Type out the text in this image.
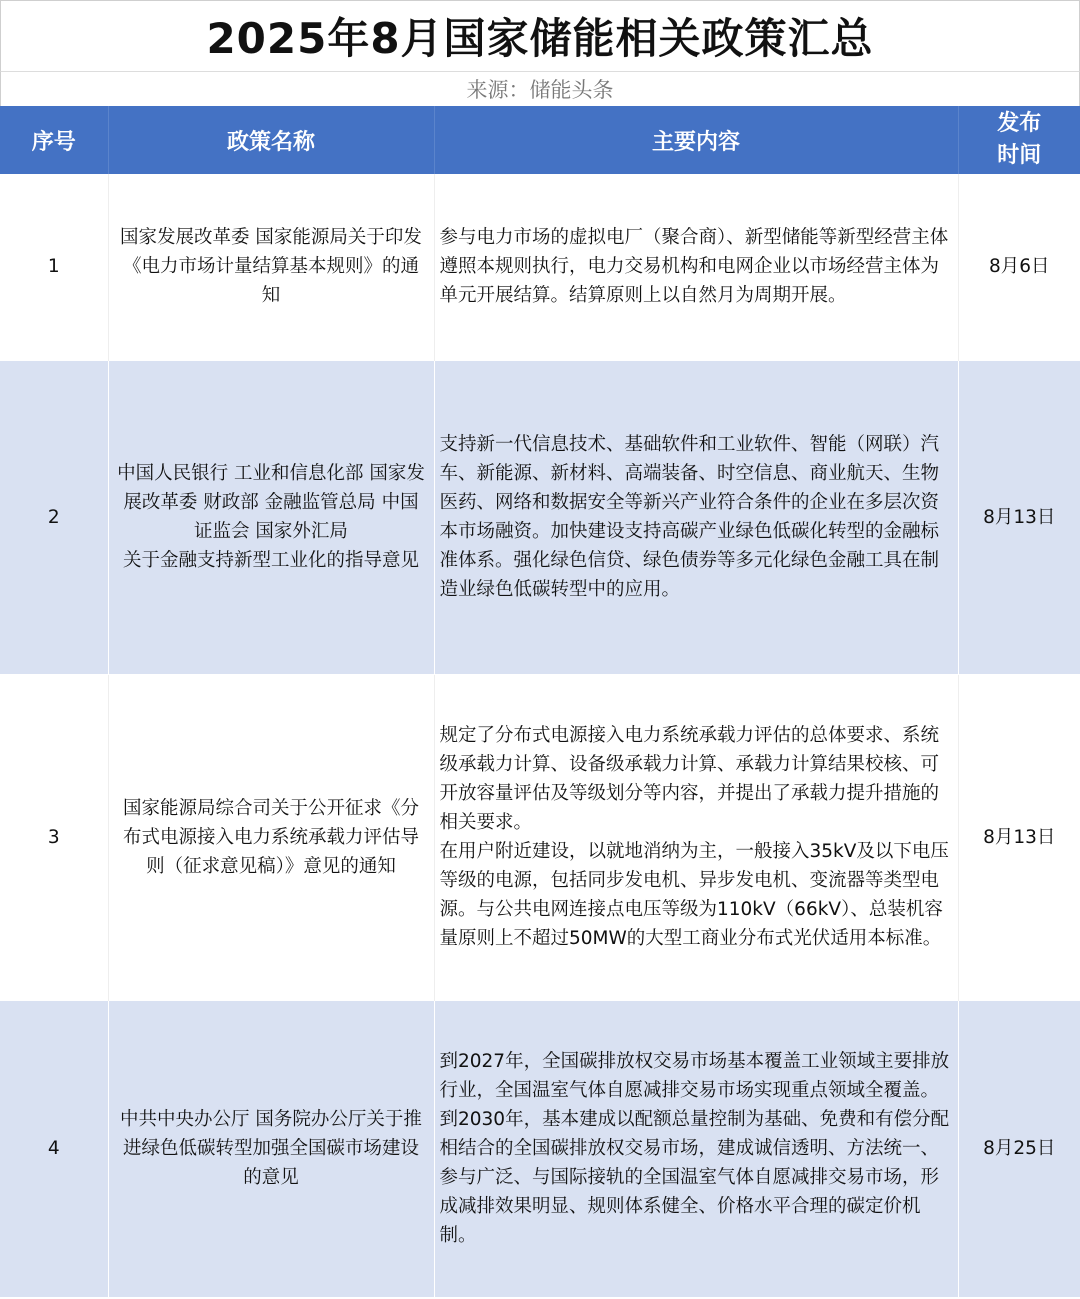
2025年8月国家储能相关政策汇总
来源：储能头条
序号	政策名称	主要内容	发布
时间
1	国家发展改革委 国家能源局关于印发《电力市场计量结算基本规则》的通知	参与电力市场的虚拟电厂（聚合商）、新型储能等新型经营主体遵照本规则执行，电力交易机构和电网企业以市场经营主体为单元开展结算。结算原则上以自然月为周期开展。	8月6日
2	中国人民银行 工业和信息化部 国家发展改革委 财政部 金融监管总局 中国证监会 国家外汇局
关于金融支持新型工业化的指导意见	支持新一代信息技术、基础软件和工业软件、智能（网联）汽车、新能源、新材料、高端装备、时空信息、商业航天、生物医药、网络和数据安全等新兴产业符合条件的企业在多层次资本市场融资。加快建设支持高碳产业绿色低碳化转型的金融标准体系。强化绿色信贷、绿色债券等多元化绿色金融工具在制造业绿色低碳转型中的应用。	8月13日
3	国家能源局综合司关于公开征求《分布式电源接入电力系统承载力评估导则（征求意见稿）》意见的通知	规定了分布式电源接入电力系统承载力评估的总体要求、系统级承载力计算、设备级承载力计算、承载力计算结果校核、可开放容量评估及等级划分等内容，并提出了承载力提升措施的相关要求。
在用户附近建设，以就地消纳为主，一般接入35kV及以下电压等级的电源，包括同步发电机、异步发电机、变流器等类型电源。与公共电网连接点电压等级为110kV（66kV）、总装机容量原则上不超过50MW的大型工商业分布式光伏适用本标准。	8月13日
4	中共中央办公厅 国务院办公厅关于推进绿色低碳转型加强全国碳市场建设的意见	到2027年，全国碳排放权交易市场基本覆盖工业领域主要排放行业，全国温室气体自愿减排交易市场实现重点领域全覆盖。到2030年，基本建成以配额总量控制为基础、免费和有偿分配相结合的全国碳排放权交易市场，建成诚信透明、方法统一、参与广泛、与国际接轨的全国温室气体自愿减排交易市场，形成减排效果明显、规则体系健全、价格水平合理的碳定价机制。	8月25日
